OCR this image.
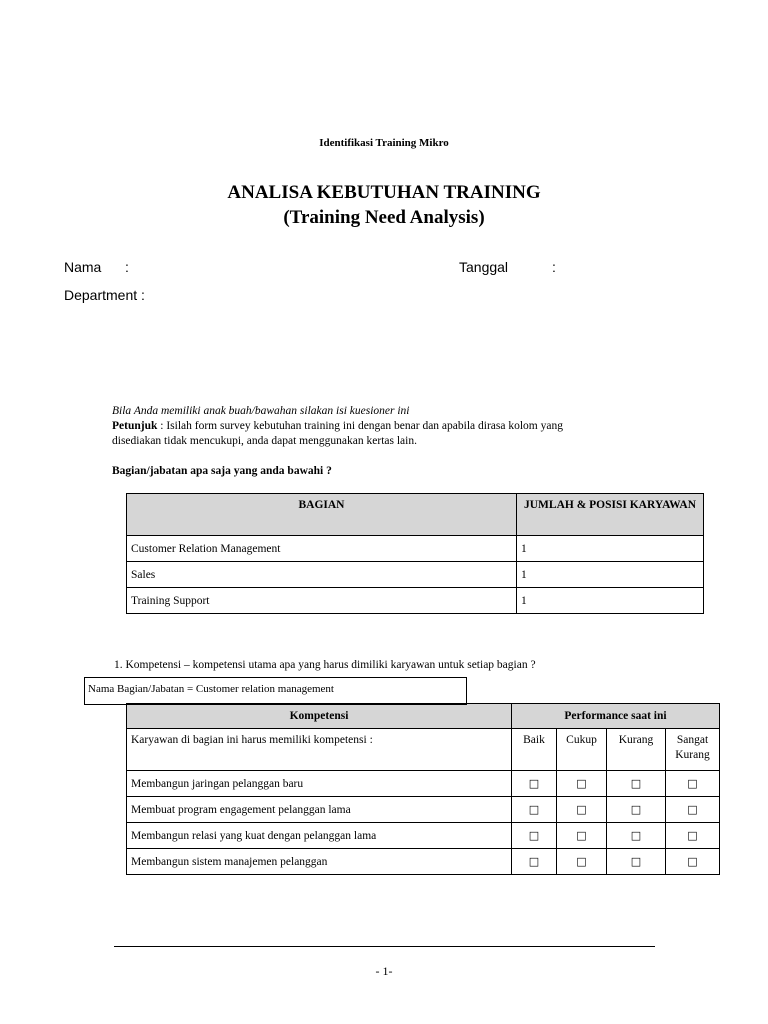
Identifikasi Training Mikro
ANALISA KEBUTUHAN TRAINING
(Training Need Analysis)
Nama :	Tanggal	:
Department :
Bila Anda memiliki anak buah/bawahan silakan isi kuesioner ini
Petunjuk : Isilah form survey kebutuhan training ini dengan benar dan apabila dirasa kolom yang
disediakan tidak mencukupi, anda dapat menggunakan kertas lain.
Bagian/jabatan apa saja yang anda bawahi ?
BAGIAN	JUMLAH & POSISI KARYAWAN
Customer Relation Management	1
Sales	1
Training Support	1
1. Kompetensi – kompetensi utama apa yang harus dimiliki karyawan untuk setiap bagian ?
Kompetensi	Performance saat ini			
Karyawan di bagian ini harus memiliki kompetensi :	Baik	Cukup	Kurang	Sangat Kurang
Membangun jaringan pelanggan baru	□	□	□	□
Membuat program engagement pelanggan lama	□	□	□	□
Membangun relasi yang kuat dengan pelanggan lama	□	□	□	□
Membangun sistem manajemen pelanggan	□	□	□	□
Nama Bagian/Jabatan = Customer relation management
- 1-
